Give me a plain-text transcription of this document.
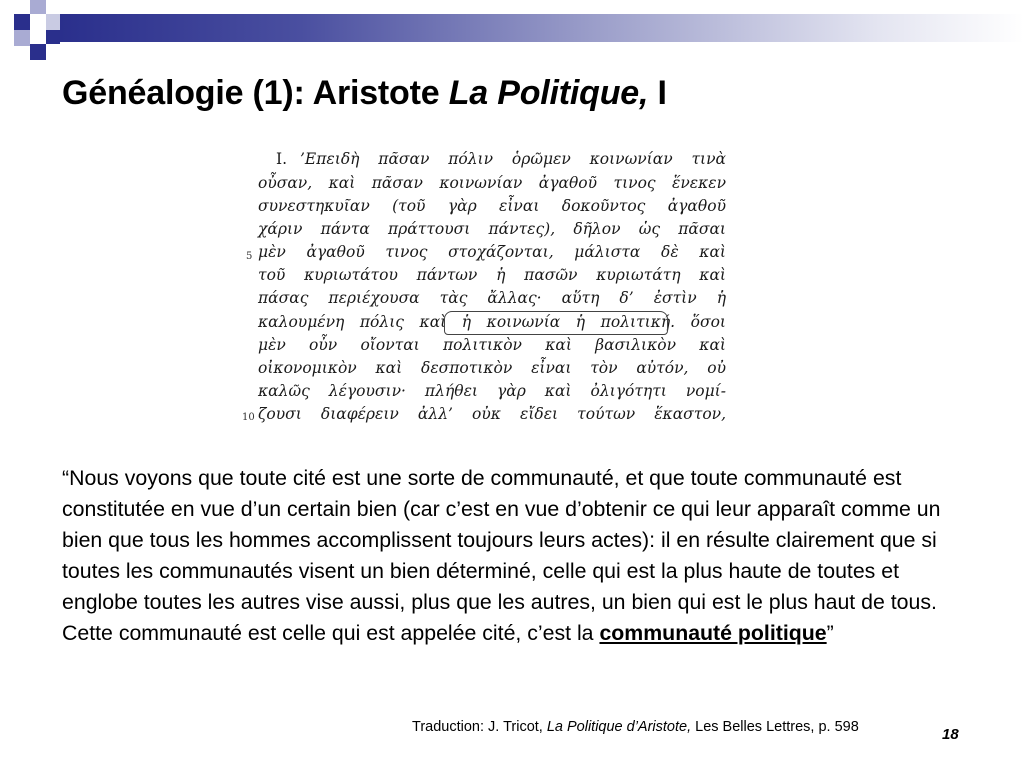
Généalogie (1): Aristote La Politique, I
I. ’Επειδὴ πᾶσαν πόλιν ὁρῶμεν κοινωνίαν τινὰ
οὖσαν, καὶ πᾶσαν κοινωνίαν ἀγαθοῦ τινος ἕνεκεν
συνεστηκυῖαν (τοῦ γὰρ εἶναι δοκοῦντος ἀγαθοῦ
χάριν πάντα πράττουσι πάντες), δῆλον ὡς πᾶσαι
μὲν ἀγαθοῦ τινος στοχάζονται, μάλιστα δὲ καὶ
τοῦ κυριωτάτου πάντων ἡ πασῶν κυριωτάτη καὶ
πάσας περιέχουσα τὰς ἄλλας· αὕτη δ’ ἐστὶν ἡ
καλουμένη πόλις καὶ ἡ κοινωνία ἡ πολιτική. ὅσοι
μὲν οὖν οἴονται πολιτικὸν καὶ βασιλικὸν καὶ
οἰκονομικὸν καὶ δεσποτικὸν εἶναι τὸν αὐτόν, οὐ
καλῶς λέγουσιν· πλήθει γὰρ καὶ ὀλιγότητι νομί-
ζουσι διαφέρειν ἀλλ’ οὐκ εἴδει τούτων ἕκαστον,
5
10
“Nous voyons que toute cité est une sorte de communauté, et que toute communauté est constitutée en vue d’un certain bien (car c’est en vue d’obtenir ce qui leur apparaît comme un bien que tous les hommes accomplissent toujours leurs actes): il en résulte clairement que si toutes les communautés visent un bien déterminé, celle qui est la plus haute de toutes et englobe toutes les autres vise aussi, plus que les autres, un bien qui est le plus haut de tous. Cette communauté est celle qui est appelée cité, c’est la communauté politique”
Traduction: J. Tricot, La Politique d’Aristote, Les Belles Lettres, p. 598	18
